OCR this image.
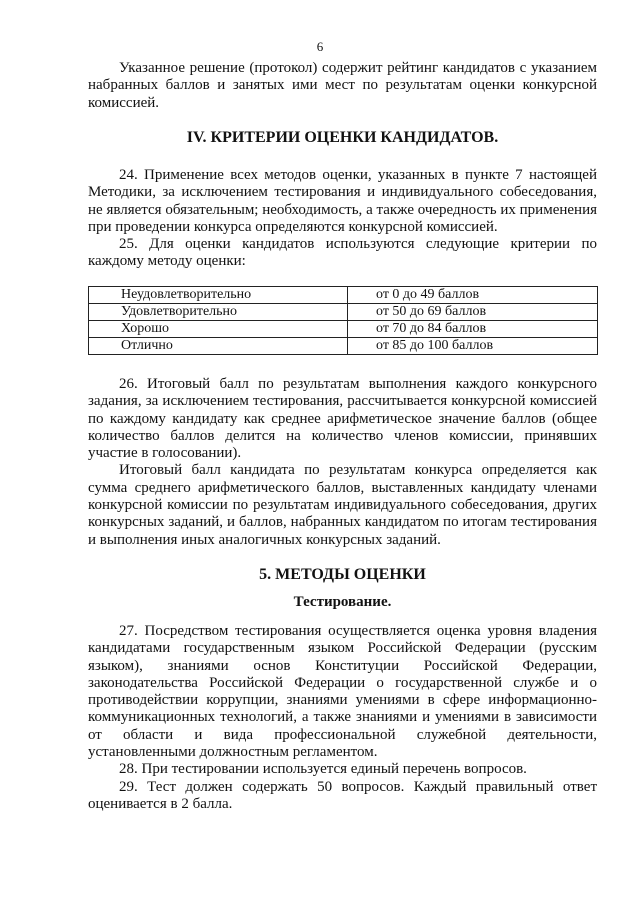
6

Указанное решение (протокол) содержит рейтинг кандидатов с указанием набранных баллов и занятых ими мест по результатам оценки конкурсной комиссией.

IV. КРИТЕРИИ ОЦЕНКИ КАНДИДАТОВ.

24. Применение всех методов оценки, указанных в пункте 7 настоящей Методики, за исключением тестирования и индивидуального собеседования, не является обязательным; необходимость, а также очередность их применения при проведении конкурса определяются конкурсной комиссией.

25. Для оценки кандидатов используются следующие критерии по каждому методу оценки:

Неудовлетворительно	от 0 до 49 баллов
Удовлетворительно	от 50 до 69 баллов
Хорошо	от 70 до 84 баллов
Отлично	от 85 до 100 баллов

26. Итоговый балл по результатам выполнения каждого конкурсного задания, за исключением тестирования, рассчитывается конкурсной комиссией по каждому кандидату как среднее арифметическое значение баллов (общее количество баллов делится на количество членов комиссии, принявших участие в голосовании).

Итоговый балл кандидата по результатам конкурса определяется как сумма среднего арифметического баллов, выставленных кандидату членами конкурсной комиссии по результатам индивидуального собеседования, других конкурсных заданий, и баллов, набранных кандидатом по итогам тестирования и выполнения иных аналогичных конкурсных заданий.

5. МЕТОДЫ ОЦЕНКИ

Тестирование.

27. Посредством тестирования осуществляется оценка уровня владения кандидатами государственным языком Российской Федерации (русским языком), знаниями основ Конституции Российской Федерации, законодательства Российской Федерации о государственной службе и о противодействии коррупции, знаниями умениями в сфере информационно-коммуникационных технологий, а также знаниями и умениями в зависимости от области и вида профессиональной служебной деятельности, установленными должностным регламентом.

28. При тестировании используется единый перечень вопросов.

29. Тест должен содержать 50 вопросов. Каждый правильный ответ оценивается в 2 балла.
